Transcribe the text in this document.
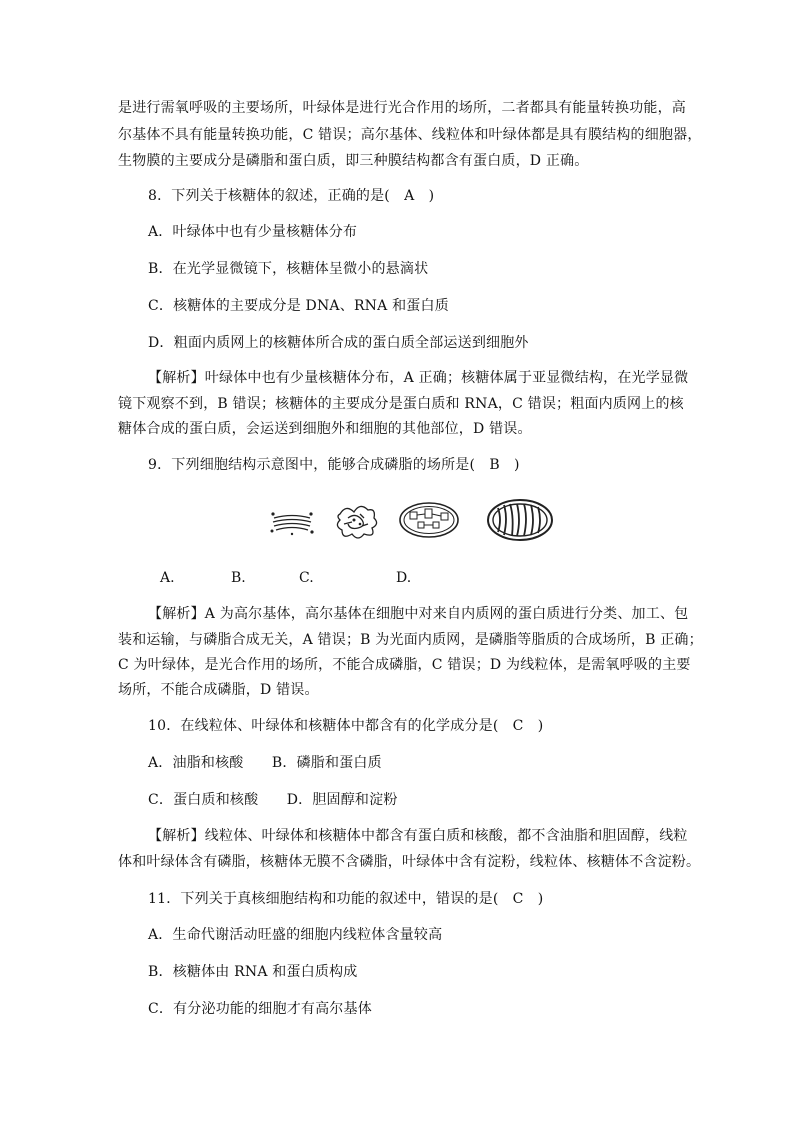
是进行需氧呼吸的主要场所，叶绿体是进行光合作用的场所，二者都具有能量转换功能，高
尔基体不具有能量转换功能，C 错误；高尔基体、线粒体和叶绿体都是具有膜结构的细胞器，
生物膜的主要成分是磷脂和蛋白质，即三种膜结构都含有蛋白质，D 正确。
8．下列关于核糖体的叙述，正确的是(　A　)
A．叶绿体中也有少量核糖体分布
B．在光学显微镜下，核糖体呈微小的悬滴状
C．核糖体的主要成分是 DNA、RNA 和蛋白质
D．粗面内质网上的核糖体所合成的蛋白质全部运送到细胞外
【解析】叶绿体中也有少量核糖体分布，A 正确；核糖体属于亚显微结构，在光学显微
镜下观察不到，B 错误；核糖体的主要成分是蛋白质和 RNA，C 错误；粗面内质网上的核
糖体合成的蛋白质，会运送到细胞外和细胞的其他部位，D 错误。
9．下列细胞结构示意图中，能够合成磷脂的场所是(　B　)
A.	B.	C.	D.
【解析】A 为高尔基体，高尔基体在细胞中对来自内质网的蛋白质进行分类、加工、包
装和运输，与磷脂合成无关，A 错误；B 为光面内质网，是磷脂等脂质的合成场所，B 正确；
C 为叶绿体，是光合作用的场所，不能合成磷脂，C 错误；D 为线粒体，是需氧呼吸的主要
场所，不能合成磷脂，D 错误。
10．在线粒体、叶绿体和核糖体中都含有的化学成分是(　C　)
A．油脂和核酸　　B．磷脂和蛋白质
C．蛋白质和核酸　　D．胆固醇和淀粉
【解析】线粒体、叶绿体和核糖体中都含有蛋白质和核酸，都不含油脂和胆固醇，线粒
体和叶绿体含有磷脂，核糖体无膜不含磷脂，叶绿体中含有淀粉，线粒体、核糖体不含淀粉。
11．下列关于真核细胞结构和功能的叙述中，错误的是(　C　)
A．生命代谢活动旺盛的细胞内线粒体含量较高
B．核糖体由 RNA 和蛋白质构成
C．有分泌功能的细胞才有高尔基体
